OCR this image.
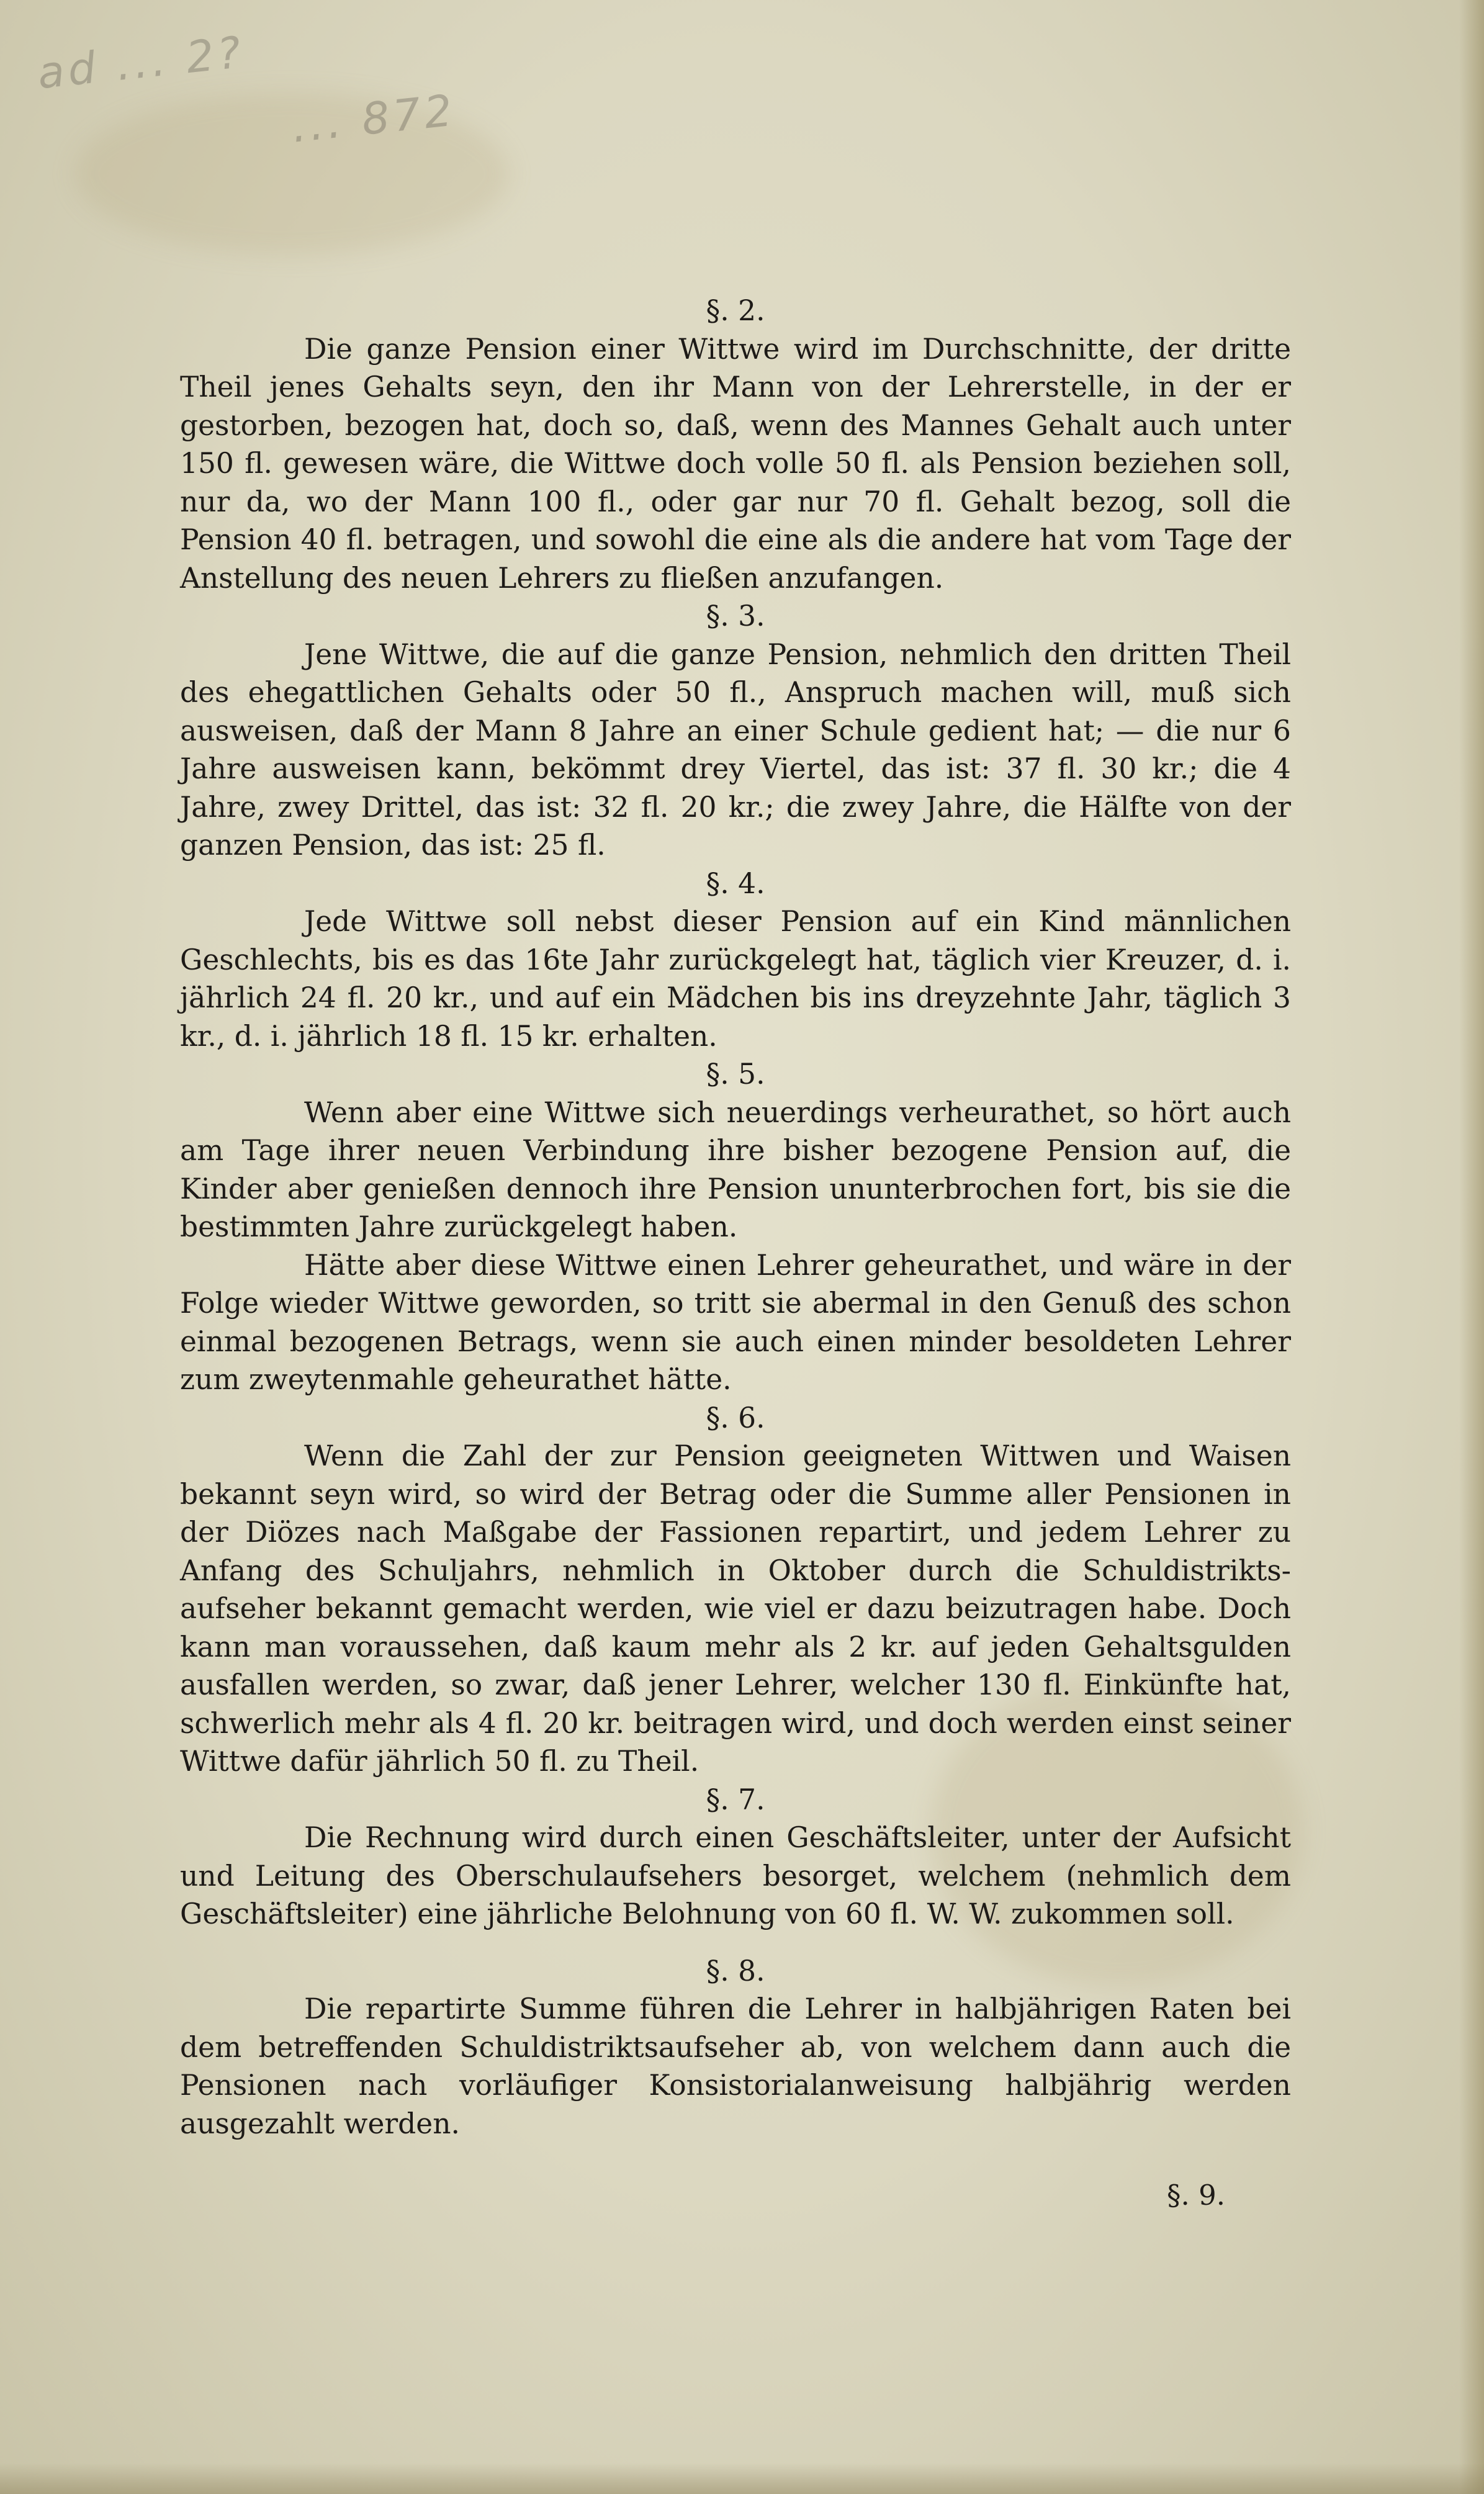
ad ... 2?
... 872
§. 2.

Die ganze Pension einer Wittwe wird im Durchschnitte, der dritte Theil jenes Gehalts seyn, den ihr Mann von der Lehrerstelle, in der er gestorben, bezogen hat, doch so, daß, wenn des Mannes Gehalt auch unter 150 fl. gewesen wäre, die Wittwe doch volle 50 fl. als Pension beziehen soll, nur da, wo der Mann 100 fl., oder gar nur 70 fl. Gehalt bezog, soll die Pension 40 fl. betragen, und sowohl die eine als die andere hat vom Tage der Anstellung des neuen Lehrers zu fließen anzufangen.

§. 3.

Jene Wittwe, die auf die ganze Pension, nehmlich den dritten Theil des ehegattlichen Gehalts oder 50 fl., Anspruch machen will, muß sich ausweisen, daß der Mann 8 Jahre an einer Schule gedient hat; — die nur 6 Jahre ausweisen kann, bekömmt drey Viertel, das ist: 37 fl. 30 kr.; die 4 Jahre, zwey Drittel, das ist: 32 fl. 20 kr.; die zwey Jahre, die Hälfte von der ganzen Pension, das ist: 25 fl.

§. 4.

Jede Wittwe soll nebst dieser Pension auf ein Kind männlichen Geschlechts, bis es das 16te Jahr zurückgelegt hat, täglich vier Kreuzer, d. i. jährlich 24 fl. 20 kr., und auf ein Mädchen bis ins dreyzehnte Jahr, täglich 3 kr., d. i. jährlich 18 fl. 15 kr. erhalten.

§. 5.

Wenn aber eine Wittwe sich neuerdings verheurathet, so hört auch am Tage ihrer neuen Verbindung ihre bisher bezogene Pension auf, die Kinder aber genießen dennoch ihre Pension ununterbrochen fort, bis sie die bestimmten Jahre zurückgelegt haben.

Hätte aber diese Wittwe einen Lehrer geheurathet, und wäre in der Folge wieder Wittwe geworden, so tritt sie abermal in den Genuß des schon einmal bezogenen Betrags, wenn sie auch einen minder besoldeten Lehrer zum zweytenmahle geheurathet hätte.

§. 6.

Wenn die Zahl der zur Pension geeigneten Wittwen und Waisen bekannt seyn wird, so wird der Betrag oder die Summe aller Pensionen in der Diözes nach Maßgabe der Fassionen repartirt, und jedem Lehrer zu Anfang des Schuljahrs, nehmlich in Oktober durch die Schuldistrikts-aufseher bekannt gemacht werden, wie viel er dazu beizutragen habe. Doch kann man voraussehen, daß kaum mehr als 2 kr. auf jeden Gehaltsgulden ausfallen werden, so zwar, daß jener Lehrer, welcher 130 fl. Einkünfte hat, schwerlich mehr als 4 fl. 20 kr. beitragen wird, und doch werden einst seiner Wittwe dafür jährlich 50 fl. zu Theil.

§. 7.

Die Rechnung wird durch einen Geschäftsleiter, unter der Aufsicht und Leitung des Oberschulaufsehers besorget, welchem (nehmlich dem Geschäftsleiter) eine jährliche Belohnung von 60 fl. W. W. zukommen soll.

§. 8.

Die repartirte Summe führen die Lehrer in halbjährigen Raten bei dem betreffenden Schuldistriktsaufseher ab, von welchem dann auch die Pensionen nach vorläufiger Konsistorialanweisung halbjährig werden ausgezahlt werden.

§. 9.
